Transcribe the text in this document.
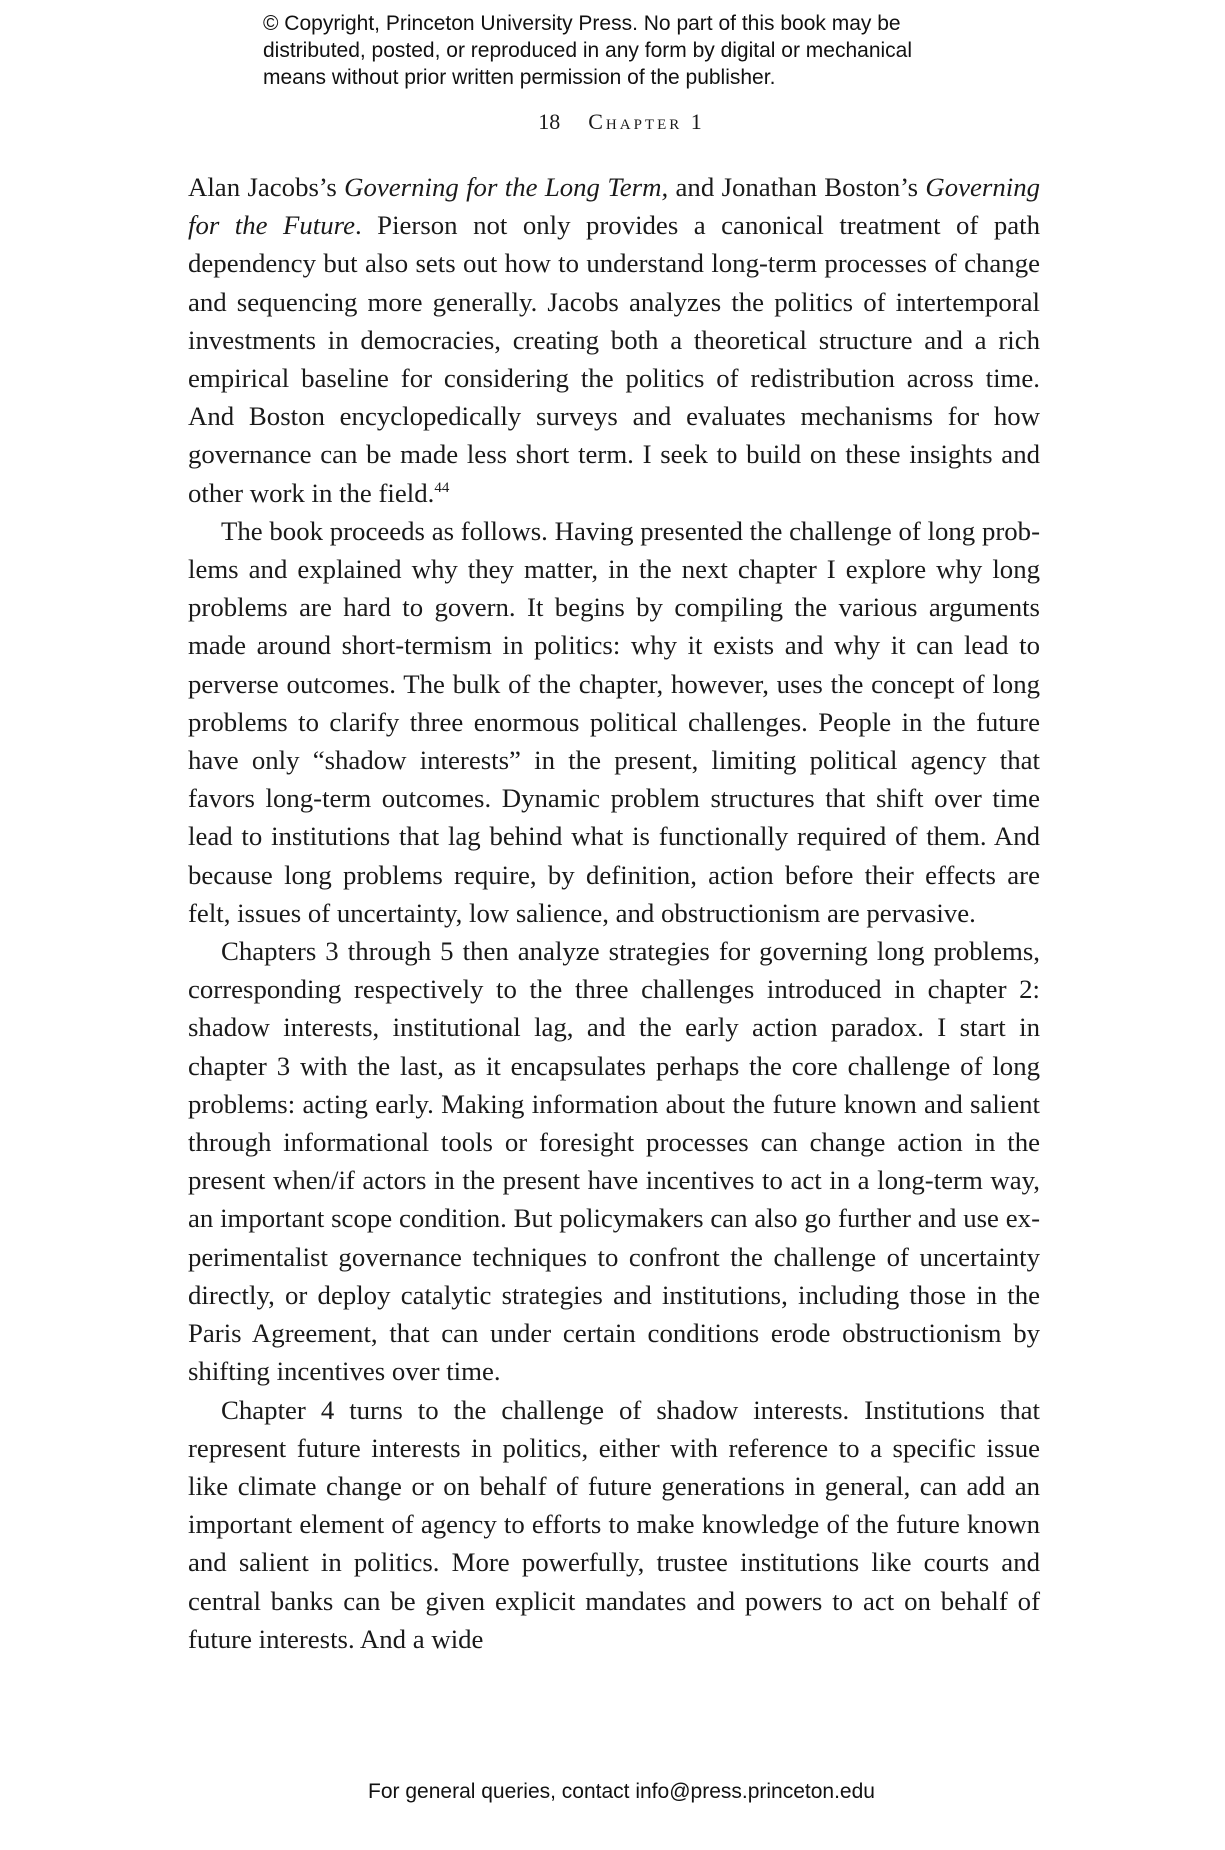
© Copyright, Princeton University Press. No part of this book may be
distributed, posted, or reproduced in any form by digital or mechanical
means without prior written permission of the publisher.
18 Chapter 1

Alan Jacobs’s Governing for the Long Term, and Jonathan Boston’s Governing for the Future. Pierson not only provides a canonical treatment of path dependency but also sets out how to understand long-term processes of change and sequencing more generally. Jacobs analyzes the politics of intertemporal investments in democracies, creating both a theoretical structure and a rich empirical baseline for considering the politics of redistribution across time. And Boston encyclopedically surveys and evaluates mechanisms for how governance can be made less short term. I seek to build on these insights and other work in the field.$^{44}$

The book proceeds as follows. Having presented the challenge of long problems and explained why they matter, in the next chapter I explore why long problems are hard to govern. It begins by compiling the various arguments made around short-termism in politics: why it exists and why it can lead to perverse outcomes. The bulk of the chapter, however, uses the concept of long problems to clarify three enormous political challenges. People in the future have only “shadow interests” in the present, limiting political agency that favors long-term outcomes. Dynamic problem structures that shift over time lead to institutions that lag behind what is functionally required of them. And because long problems require, by definition, action before their effects are felt, issues of uncertainty, low salience, and obstructionism are pervasive.

Chapters 3 through 5 then analyze strategies for governing long problems, corresponding respectively to the three challenges introduced in chapter 2: shadow interests, institutional lag, and the early action paradox. I start in chapter 3 with the last, as it encapsulates perhaps the core challenge of long problems: acting early. Making information about the future known and salient through informational tools or foresight processes can change action in the present when/if actors in the present have incentives to act in a long-term way, an important scope condition. But policymakers can also go further and use experimentalist governance techniques to confront the challenge of uncertainty directly, or deploy catalytic strategies and institutions, including those in the Paris Agreement, that can under certain conditions erode obstructionism by shifting incentives over time.

Chapter 4 turns to the challenge of shadow interests. Institutions that represent future interests in politics, either with reference to a specific issue like climate change or on behalf of future generations in general, can add an important element of agency to efforts to make knowledge of the future known and salient in politics. More powerfully, trustee institutions like courts and central banks can be given explicit mandates and powers to act on behalf of future interests. And a wide

For general queries, contact info@press.princeton.edu
